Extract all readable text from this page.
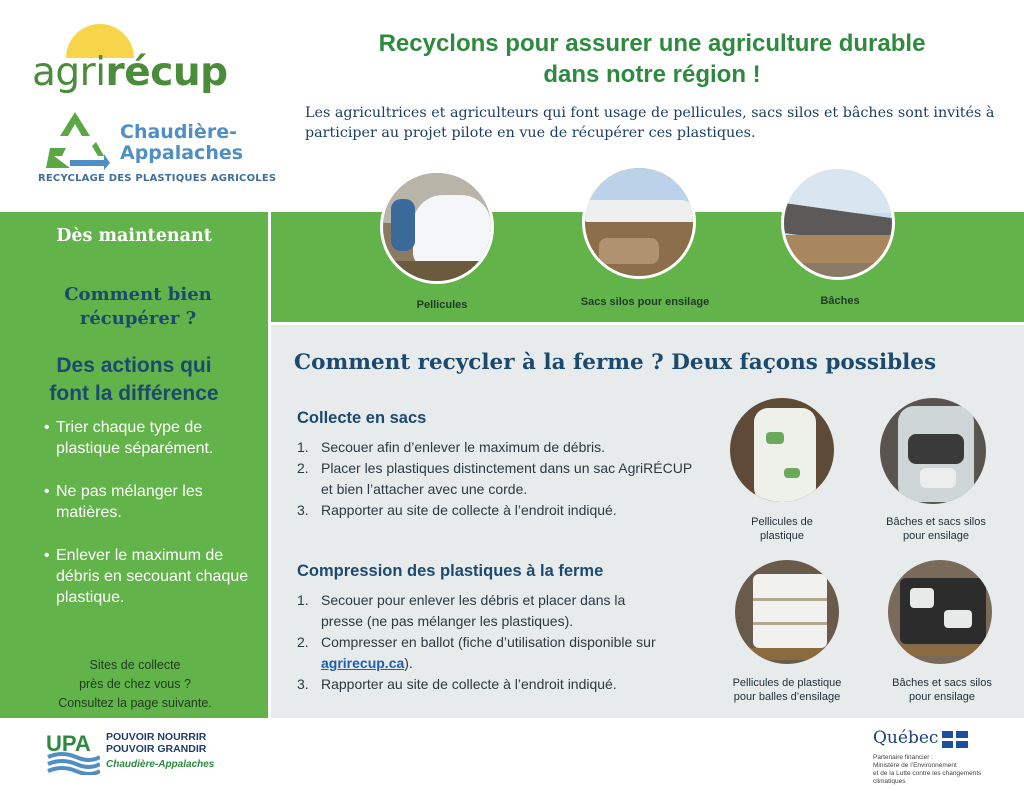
agrirécup
Chaudière-
Appalaches
RECYCLAGE DES PLASTIQUES AGRICOLES
Recyclons pour assurer une agriculture durable
dans notre région !
Les agricultrices et agriculteurs qui font usage de pellicules, sacs silos et bâches sont invités à participer au projet pilote en vue de récupérer ces plastiques.
Pellicules	Sacs silos pour ensilage	Bâches
Dès maintenant
Comment bien
récupérer ?
Des actions qui
font la différence
• Trier chaque type de plastique séparément.
• Ne pas mélanger les matières.
• Enlever le maximum de débris en secouant chaque plastique.
Sites de collecte
près de chez vous ?
Consultez la page suivante.
Comment recycler à la ferme ? Deux façons possibles
Collecte en sacs
1. Secouer afin d’enlever le maximum de débris.
2. Placer les plastiques distinctement dans un sac AgriRÉCUP et bien l’attacher avec une corde.
3. Rapporter au site de collecte à l’endroit indiqué.
Compression des plastiques à la ferme
1. Secouer pour enlever les débris et placer dans la presse (ne pas mélanger les plastiques).
2. Compresser en ballot (fiche d’utilisation disponible sur agrirecup.ca).
3. Rapporter au site de collecte à l’endroit indiqué.
Pellicules de
plastique
Bâches et sacs silos
pour ensilage
Pellicules de plastique
pour balles d’ensilage
Bâches et sacs silos
pour ensilage
UPA POUVOIR NOURRIR
POUVOIR GRANDIR
Chaudière-Appalaches
Québec
Partenaire financier :
Ministère de l’Environnement
et de la Lutte contre les changements climatiques
